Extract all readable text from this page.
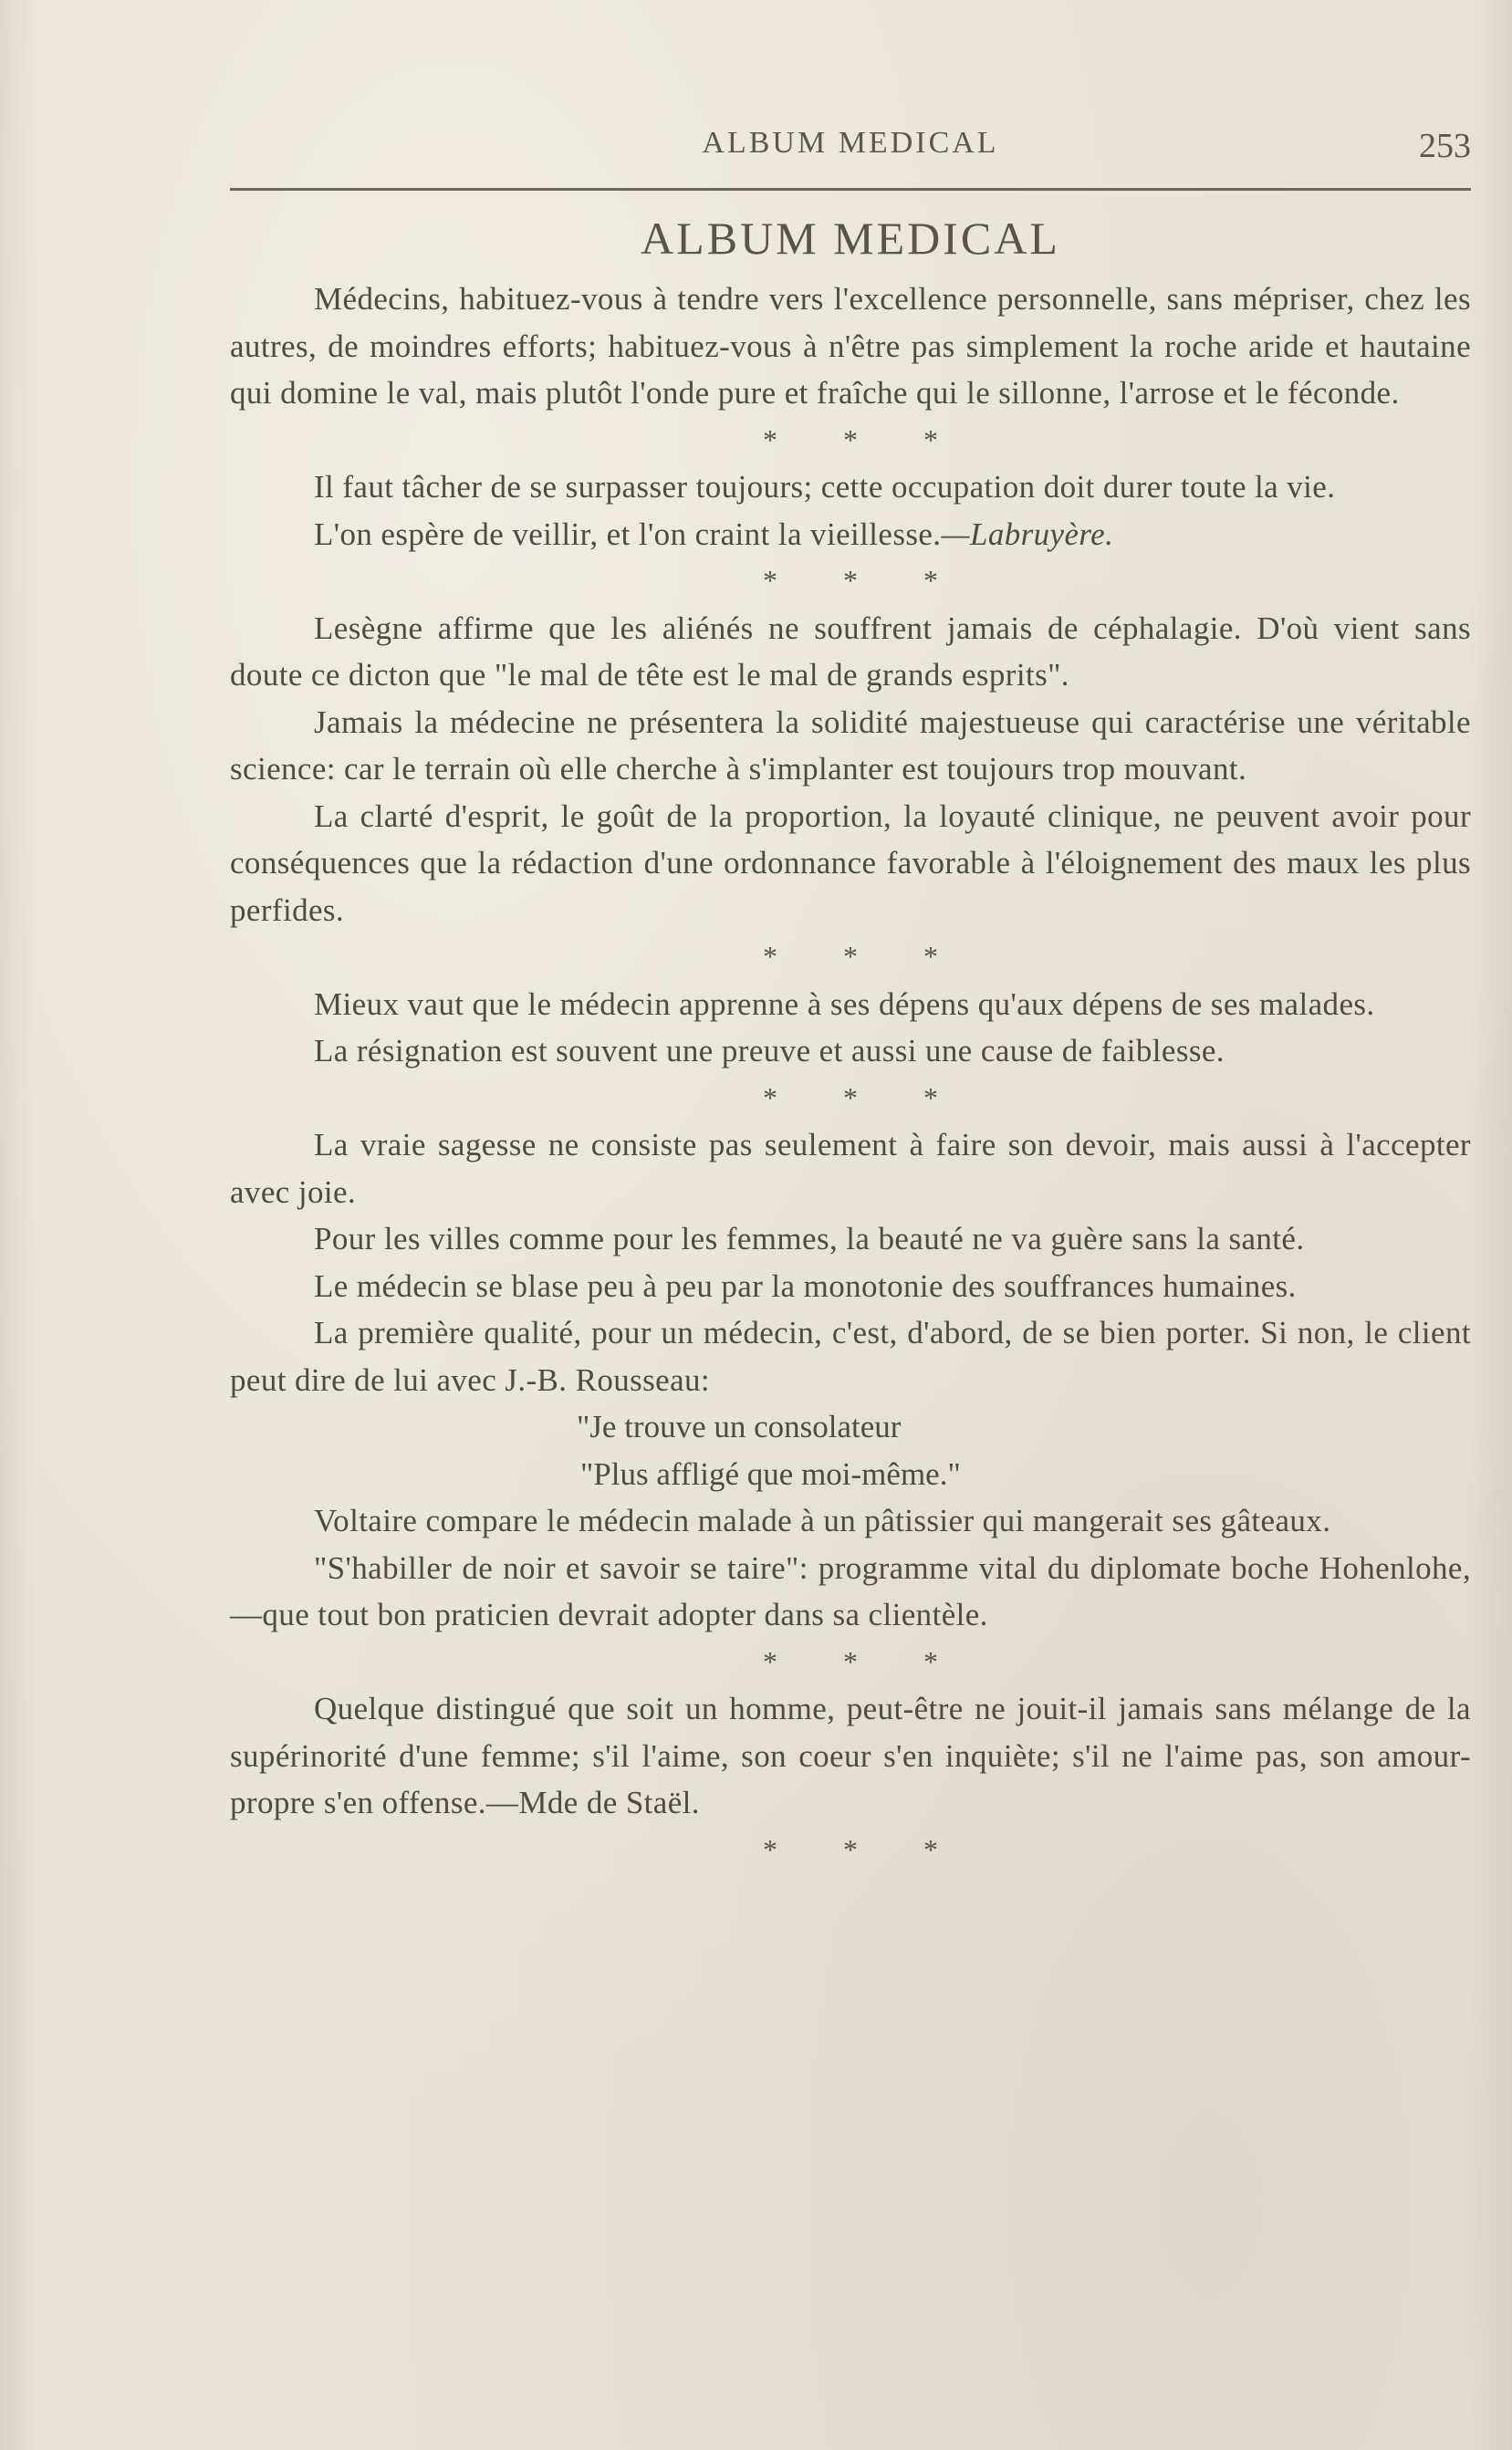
ALBUM MEDICAL	253
ALBUM MEDICAL

Médecins, habituez-vous à tendre vers l'excellence personnelle, sans mépriser, chez les autres, de moindres efforts; habituez-vous à n'être pas simplement la roche aride et hautaine qui domine le val, mais plutôt l'onde pure et fraîche qui le sillonne, l'arrose et le féconde.

* * *

Il faut tâcher de se surpasser toujours; cette occupation doit durer toute la vie.

L'on espère de veillir, et l'on craint la vieillesse.—Labruyère.

* * *

Lesègne affirme que les aliénés ne souffrent jamais de céphalagie. D'où vient sans doute ce dicton que "le mal de tête est le mal de grands esprits".

Jamais la médecine ne présentera la solidité majestueuse qui caractérise une véritable science: car le terrain où elle cherche à s'implanter est toujours trop mouvant.

La clarté d'esprit, le goût de la proportion, la loyauté clinique, ne peuvent avoir pour conséquences que la rédaction d'une ordonnance favorable à l'éloignement des maux les plus perfides.

* * *

Mieux vaut que le médecin apprenne à ses dépens qu'aux dépens de ses malades.

La résignation est souvent une preuve et aussi une cause de faiblesse.

* * *

La vraie sagesse ne consiste pas seulement à faire son devoir, mais aussi à l'accepter avec joie.

Pour les villes comme pour les femmes, la beauté ne va guère sans la santé.

Le médecin se blase peu à peu par la monotonie des souffrances humaines.

La première qualité, pour un médecin, c'est, d'abord, de se bien porter. Si non, le client peut dire de lui avec J.-B. Rousseau:

"Je trouve un consolateur

"Plus affligé que moi-même."

Voltaire compare le médecin malade à un pâtissier qui mangerait ses gâteaux.

"S'habiller de noir et savoir se taire": programme vital du diplomate boche Hohenlohe,—que tout bon praticien devrait adopter dans sa clientèle.

* * *

Quelque distingué que soit un homme, peut-être ne jouit-il jamais sans mélange de la supérinorité d'une femme; s'il l'aime, son coeur s'en inquiète; s'il ne l'aime pas, son amour-propre s'en offense.—Mde de Staël.

* * *
